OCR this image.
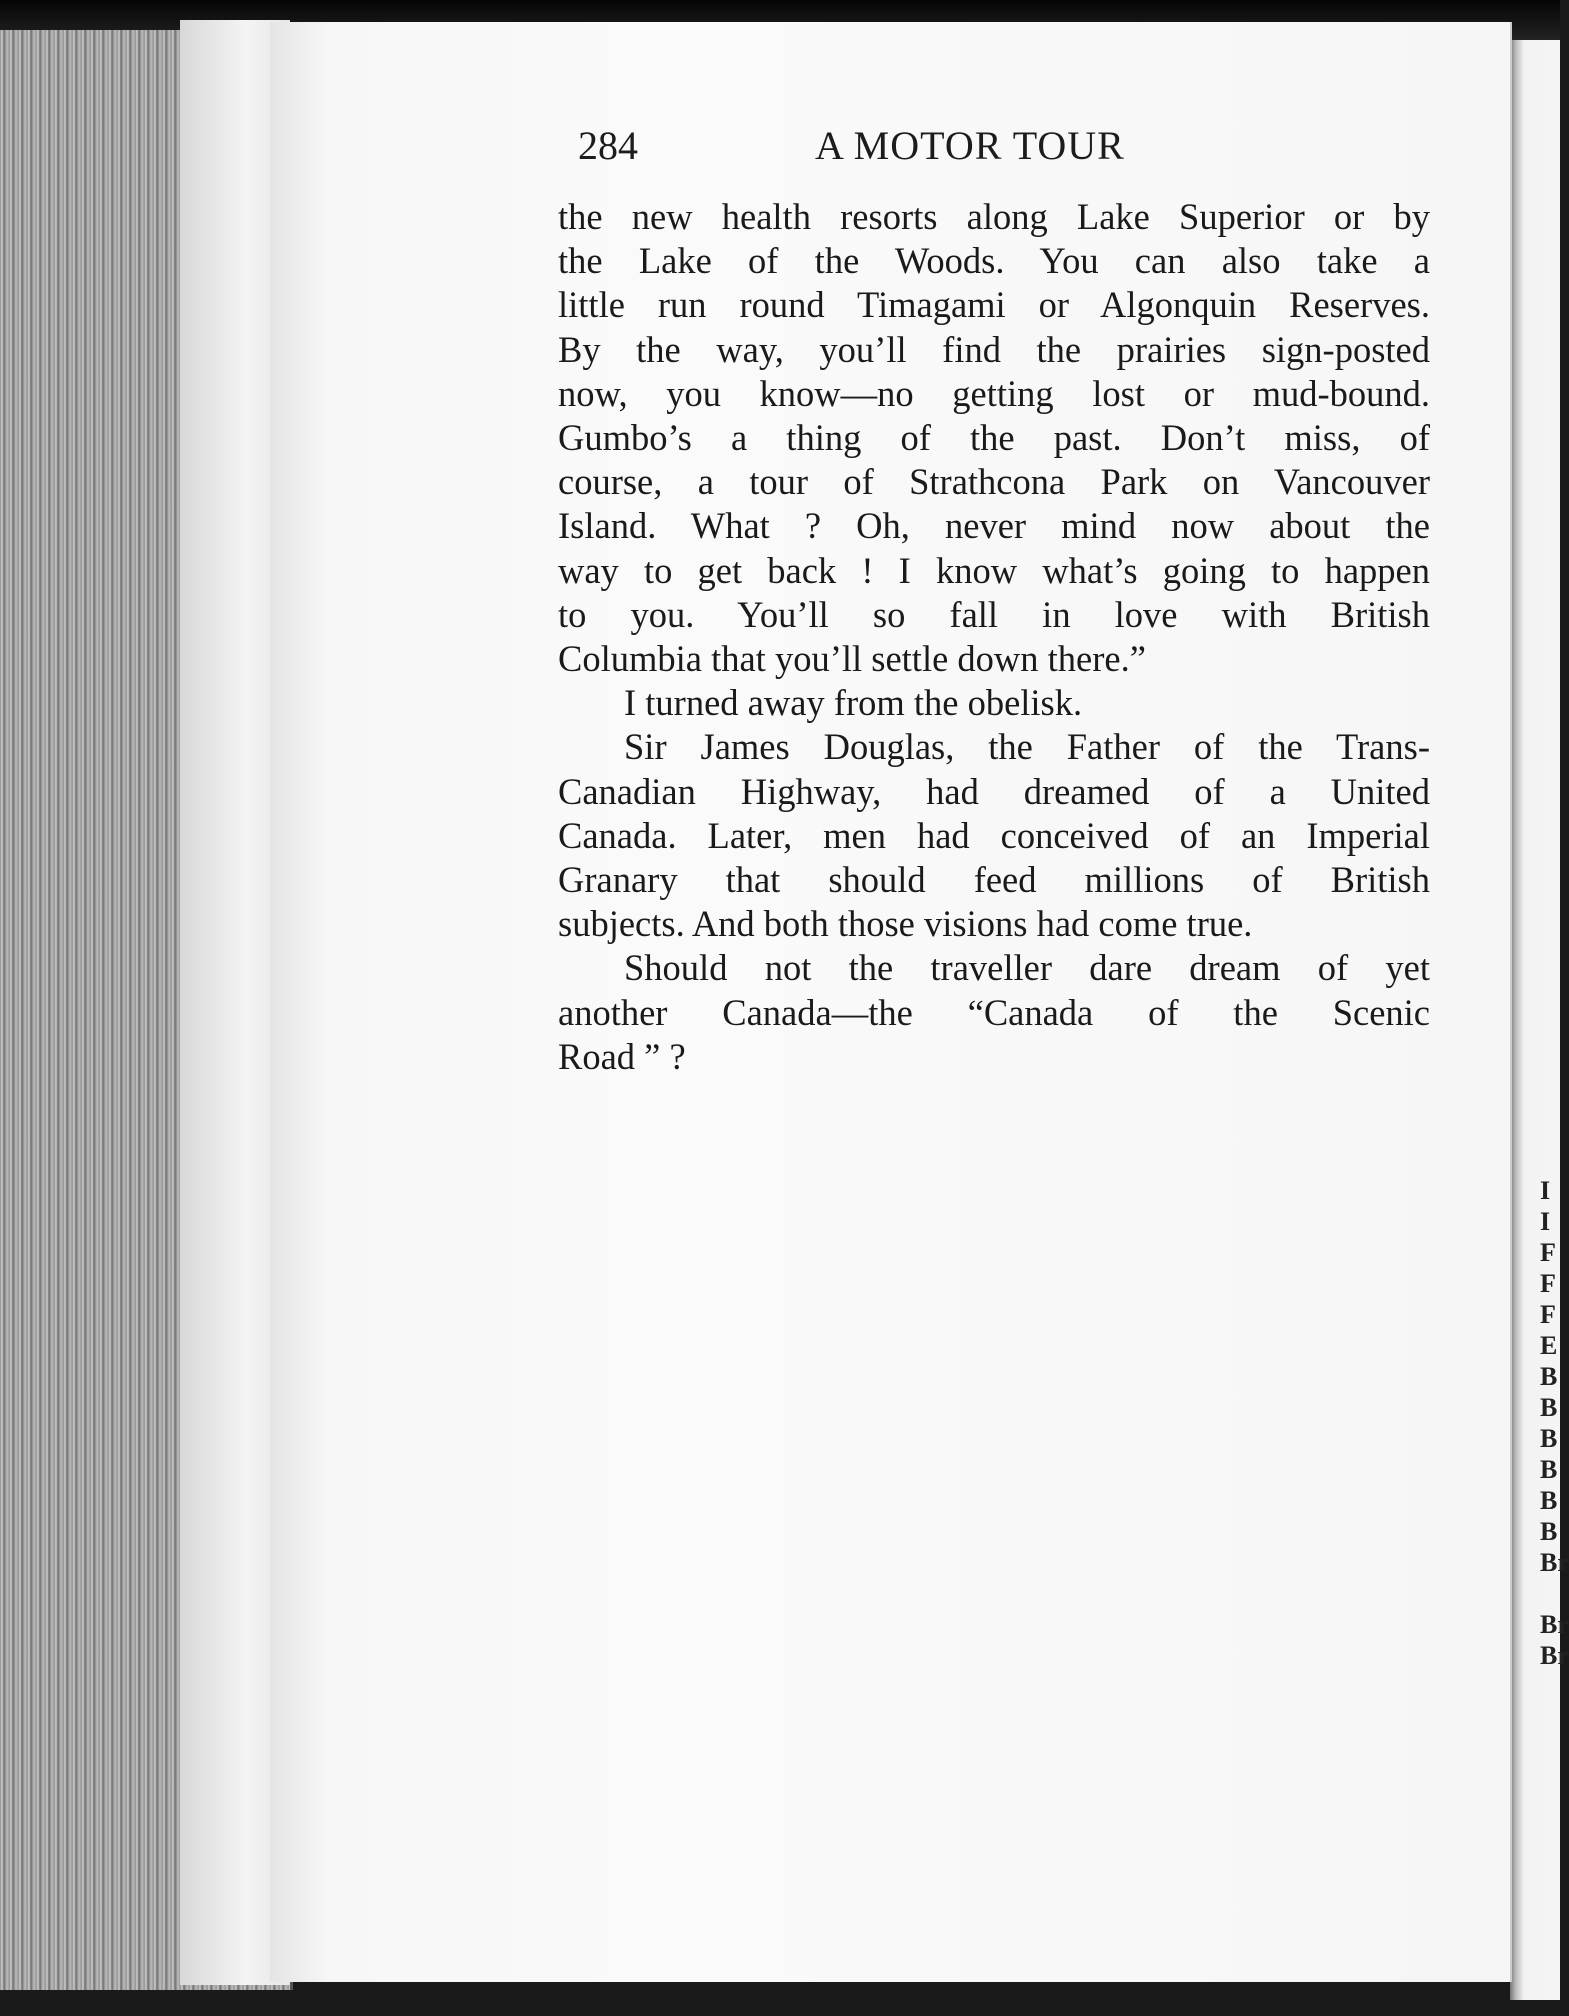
I
I
F
F
F
E
B
B
B
B
B
B
Br
Br
Br
284	A MOTOR TOUR
the new health resorts along Lake Superior or by
the Lake of the Woods. You can also take a
little run round Timagami or Algonquin Reserves.
By the way, you’ll find the prairies sign-posted
now, you know—no getting lost or mud-bound.
Gumbo’s a thing of the past. Don’t miss, of
course, a tour of Strathcona Park on Vancouver
Island. What ? Oh, never mind now about the
way to get back ! I know what’s going to happen
to you. You’ll so fall in love with British
Columbia that you’ll settle down there.”
I turned away from the obelisk.
Sir James Douglas, the Father of the Trans-
Canadian Highway, had dreamed of a United
Canada. Later, men had conceived of an Imperial
Granary that should feed millions of British
subjects. And both those visions had come true.
Should not the traveller dare dream of yet
another Canada—the “Canada of the Scenic
Road ” ?
